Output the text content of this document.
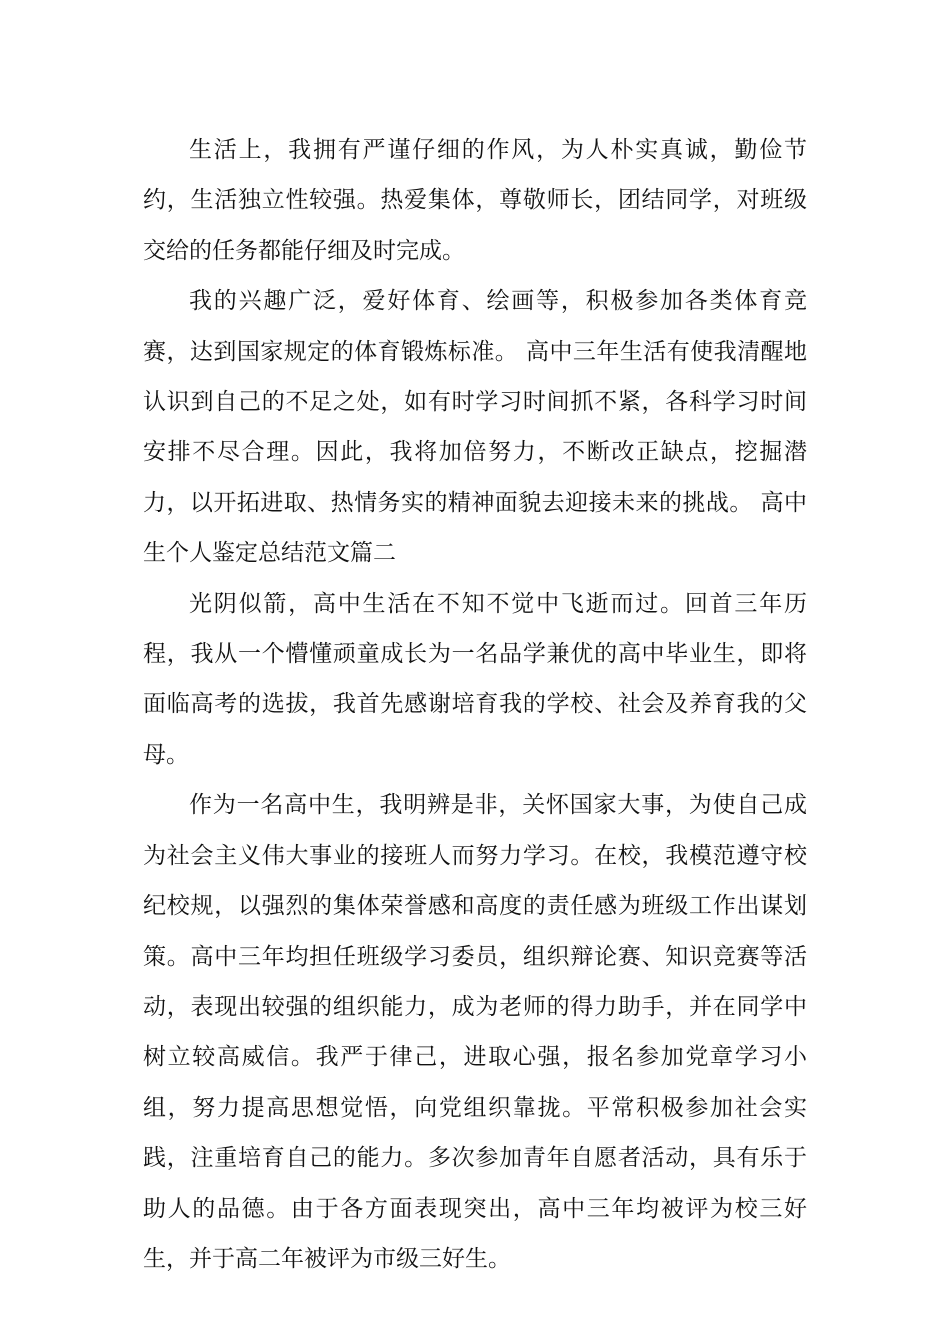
生活上，我拥有严谨仔细的作风，为人朴实真诚，勤俭节约，生活独立性较强。热爱集体，尊敬师长，团结同学，对班级交给的任务都能仔细及时完成。

我的兴趣广泛，爱好体育、绘画等，积极参加各类体育竞赛，达到国家规定的体育锻炼标准。 高中三年生活有使我清醒地认识到自己的不足之处，如有时学习时间抓不紧，各科学习时间安排不尽合理。因此，我将加倍努力，不断改正缺点，挖掘潜力，以开拓进取、热情务实的精神面貌去迎接未来的挑战。 高中生个人鉴定总结范文篇二

光阴似箭，高中生活在不知不觉中飞逝而过。回首三年历程，我从一个懵懂顽童成长为一名品学兼优的高中毕业生，即将面临高考的选拔，我首先感谢培育我的学校、社会及养育我的父母。

作为一名高中生，我明辨是非，关怀国家大事，为使自己成为社会主义伟大事业的接班人而努力学习。在校，我模范遵守校纪校规，以强烈的集体荣誉感和高度的责任感为班级工作出谋划策。高中三年均担任班级学习委员，组织辩论赛、知识竞赛等活动，表现出较强的组织能力，成为老师的得力助手，并在同学中树立较高威信。我严于律己，进取心强，报名参加党章学习小组，努力提高思想觉悟，向党组织靠拢。平常积极参加社会实践，注重培育自己的能力。多次参加青年自愿者活动，具有乐于助人的品德。由于各方面表现突出，高中三年均被评为校三好生，并于高二年被评为市级三好生。
